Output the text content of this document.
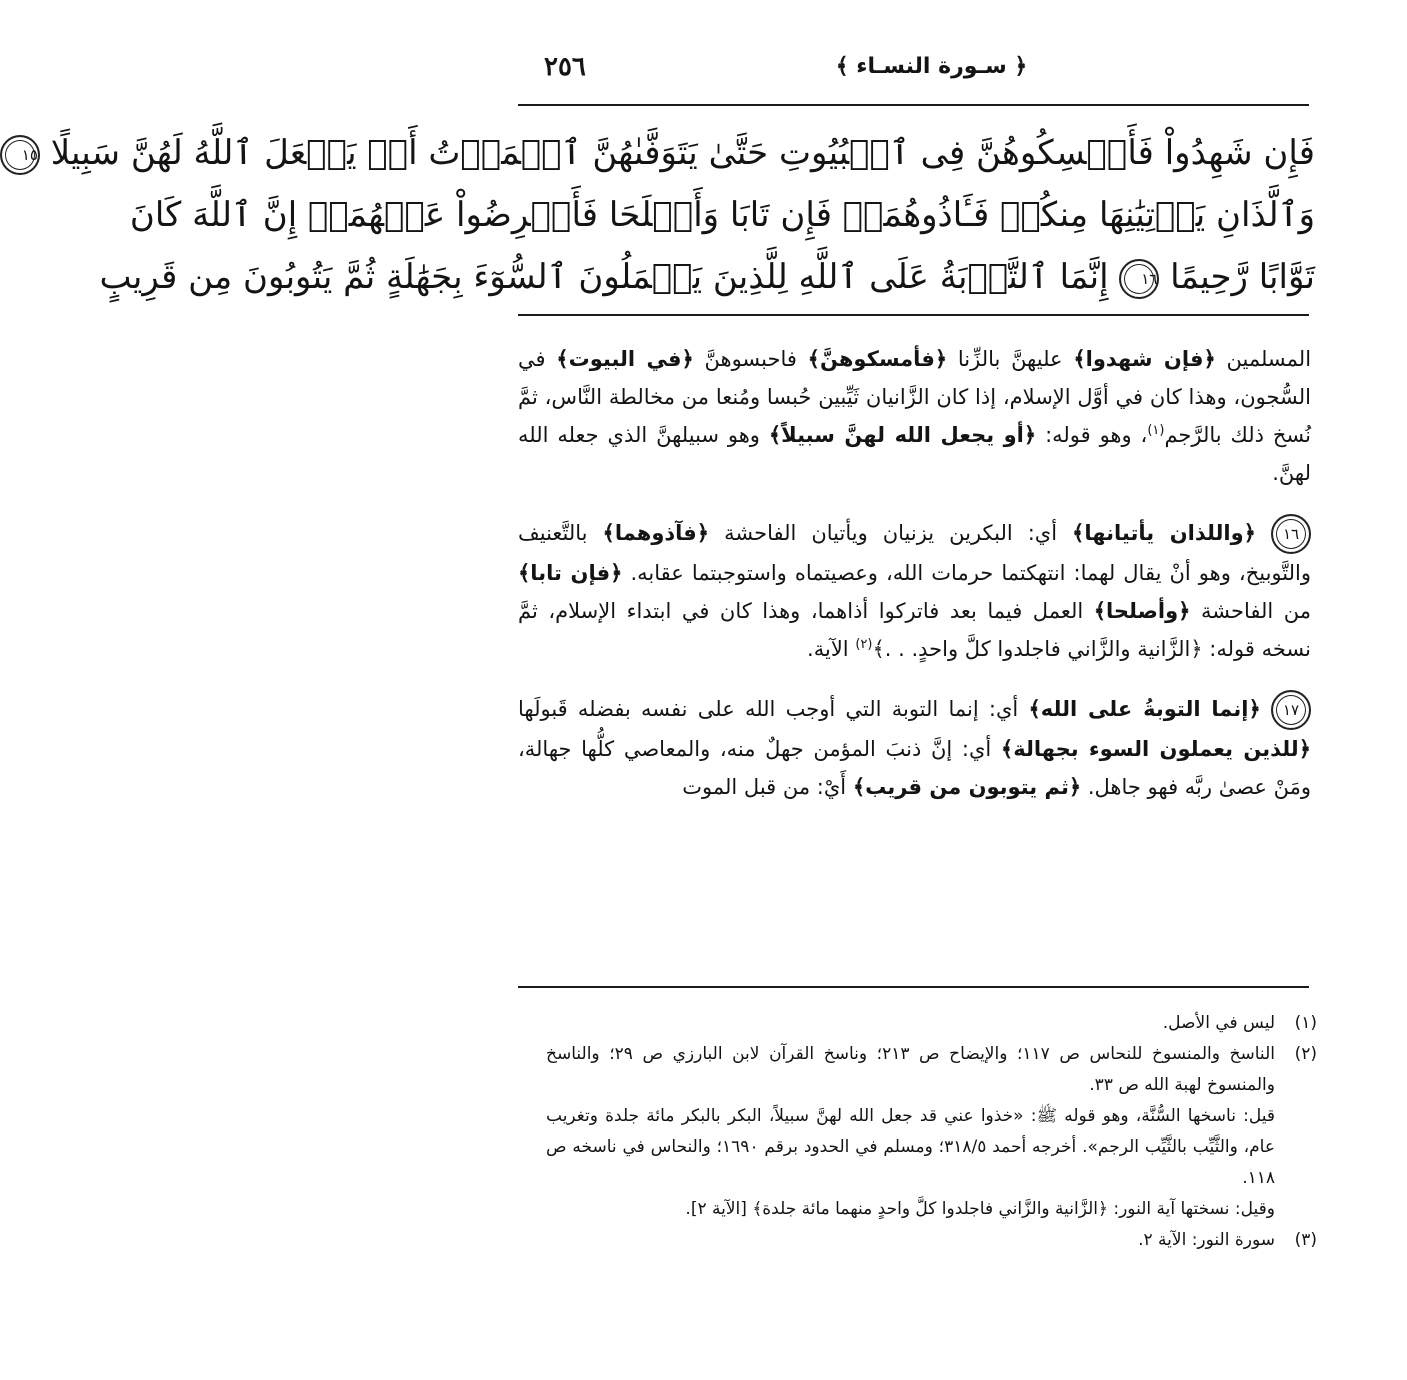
٢٥٦	﴿ سـورة النسـاء ﴾
فَإِن شَهِدُواْ فَأَمۡسِكُوهُنَّ فِى ٱلۡبُيُوتِ حَتَّىٰ يَتَوَفَّىٰهُنَّ ٱلۡمَوۡتُ أَوۡ يَجۡعَلَ ٱللَّهُ لَهُنَّ سَبِيلًا ١٥
وَٱلَّذَانِ يَأۡتِيَٰنِهَا مِنكُمۡ فَـَٔاذُوهُمَاۖ فَإِن تَابَا وَأَصۡلَحَا فَأَعۡرِضُواْ عَنۡهُمَآۗ إِنَّ ٱللَّهَ كَانَ
تَوَّابًا رَّحِيمًا ١٦ إِنَّمَا ٱلتَّوۡبَةُ عَلَى ٱللَّهِ لِلَّذِينَ يَعۡمَلُونَ ٱلسُّوٓءَ بِجَهَٰلَةٍ ثُمَّ يَتُوبُونَ مِن قَرِيبٍ

المسلمين ﴿فإن شهدوا﴾ عليهنَّ بالزِّنا ﴿فأمسكوهنَّ﴾ فاحبسوهنَّ ﴿في البيوت﴾ في السُّجون، وهذا كان في أوَّل الإسلام، إذا كان الزَّانيان ثَيِّبين حُبسا ومُنعا من مخالطة النَّاس، ثمَّ نُسخ ذلك بالرَّجم$^{(١)}$، وهو قوله: ﴿أو يجعل الله لهنَّ سبيلاً﴾ وهو سبيلهنَّ الذي جعله الله لهنَّ.

١٦ ﴿واللذان يأتيانها﴾ أي: البكرين يزنيان ويأتيان الفاحشة ﴿فآذوهما﴾ بالتَّعنيف والتَّوبيخ، وهو أنْ يقال لهما: انتهكتما حرمات الله، وعصيتماه واستوجبتما عقابه. ﴿فإن تابا﴾ من الفاحشة ﴿وأصلحا﴾ العمل فيما بعد فاتركوا أذاهما، وهذا كان في ابتداء الإسلام، ثمَّ نسخه قوله: ﴿الزَّانية والزَّاني فاجلدوا كلَّ واحدٍ. . .﴾$^{(٢)}$ الآية.

١٧ ﴿إنما التوبةُ على الله﴾ أي: إنما التوبة التي أوجب الله على نفسه بفضله قَبولَها ﴿للذين يعملون السوء بجهالة﴾ أي: إنَّ ذنبَ المؤمن جهلٌ منه، والمعاصي كلُّها جهالة، ومَنْ عصىٰ ربَّه فهو جاهل. ﴿ثم يتوبون من قريب﴾ أَيْ: من قبل الموت

(١)
ليس في الأصل.
(٢)
الناسخ والمنسوخ للنحاس ص ١١٧؛ والإيضاح ص ٢١٣؛ وناسخ القرآن لابن البارزي ص ٢٩؛ والناسخ والمنسوخ لهبة الله ص ٣٣.
قيل: ناسخها السُّنَّة، وهو قوله ﷺ: «خذوا عني قد جعل الله لهنَّ سبيلاً، البكر بالبكر مائة جلدة وتغريب عام، والثَّيِّب بالثَّيِّب الرجم». أخرجه أحمد ٣١٨/٥؛ ومسلم في الحدود برقم ١٦٩٠؛ والنحاس في ناسخه ص ١١٨.
وقيل: نسختها آية النور: ﴿الزَّانية والزَّاني فاجلدوا كلَّ واحدٍ منهما مائة جلدة﴾ [الآية ٢].
(٣)
سورة النور: الآية ٢.
